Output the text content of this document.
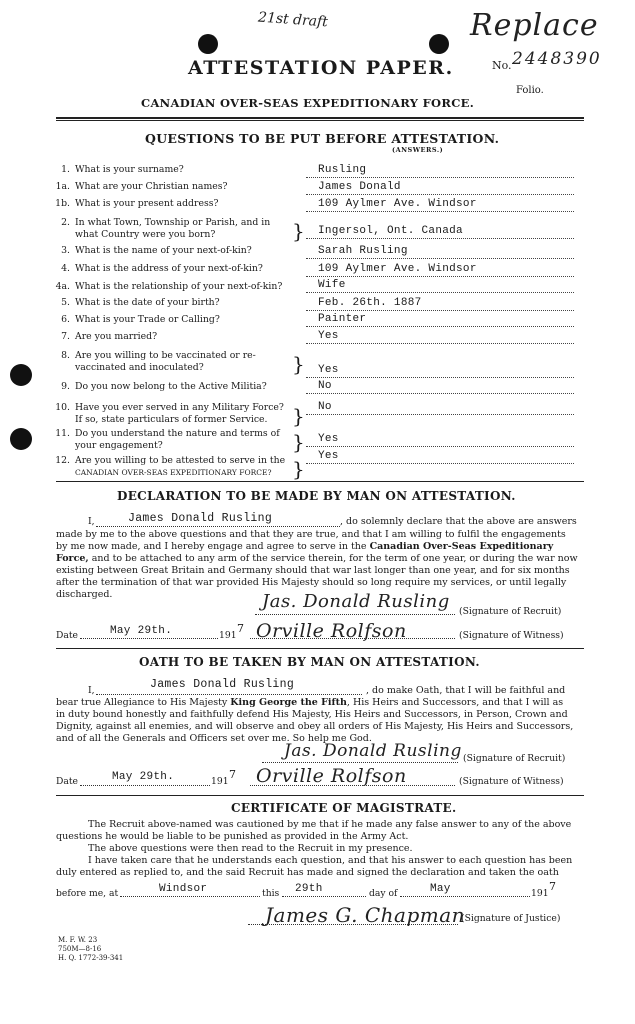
21st draft	Replace
ATTESTATION PAPER.	No. 2448390
CANADIAN OVER-SEAS EXPEDITIONARY FORCE.
Folio.
QUESTIONS TO BE PUT BEFORE ATTESTATION.
(ANSWERS.)
1. What is your surname?	Rusling
1a. What are your Christian names?	James Donald
1b. What is your present address?	109 Aylmer Ave. Windsor
2. In what Town, Township or Parish, and in
what Country were you born?	} Ingersol, Ont. Canada
3. What is the name of your next-of-kin?	Sarah Rusling
4. What is the address of your next-of-kin?	109 Aylmer Ave. Windsor
4a. What is the relationship of your next-of-kin?	Wife
5. What is the date of your birth?	Feb. 26th. 1887
6. What is your Trade or Calling?	Painter
7. Are you married?	Yes
8. Are you willing to be vaccinated or re-
vaccinated and inoculated?	} Yes
9. Do you now belong to the Active Militia?	No
10. Have you ever served in any Military Force?
If so, state particulars of former Service. } No
11. Do you understand the nature and terms of
your engagement?	} Yes
12. Are you willing to be attested to serve in the
CANADIAN OVER-SEAS EXPEDITIONARY FORCE? }
Yes
DECLARATION TO BE MADE BY MAN ON ATTESTATION.
I,	James Donald Rusling	, do solemnly declare that the above are answers
made by me to the above questions and that they are true, and that I am willing to fulfil the engagements
by me now made, and I hereby engage and agree to serve in the Canadian Over-Seas Expeditionary
Force, and to be attached to any arm of the service therein, for the term of one year, or during the war now
existing between Great Britain and Germany should that war last longer than one year, and for six months
after the termination of that war provided His Majesty should so long require my services, or until legally
discharged.	Jas. Donald Rusling (Signature of Recruit)
Date	May 29th.	191
7 Orville Rolfson	(Signature of Witness)
OATH TO BE TAKEN BY MAN ON ATTESTATION.
I,	James Donald Rusling	, do make Oath, that I will be faithful and
bear true Allegiance to His Majesty King George the Fifth, His Heirs and Successors, and that I will as
in duty bound honestly and faithfully defend His Majesty, His Heirs and Successors, in Person, Crown and
Dignity, against all enemies, and will observe and obey all orders of His Majesty, His Heirs and Successors,
and of all the Generals and Officers set over me. So help me God.
Jas. Donald Rusling (Signature of Recruit)
Date	May 29th.	191
7 Orville Rolfson	(Signature of Witness)
CERTIFICATE OF MAGISTRATE.
The Recruit above-named was cautioned by me that if he made any false answer to any of the above
questions he would be liable to be punished as provided in the Army Act.
The above questions were then read to the Recruit in my presence.
I have taken care that he understands each question, and that his answer to each question has been
duly entered as replied to, and the said Recruit has made and signed the declaration and taken the oath
before me, at	Windsor	this 29th	day of	May	191
7
James G. Chapman
(Signature of Justice)
M. F. W. 23
750M—8-16
H. Q. 1772-39-341
